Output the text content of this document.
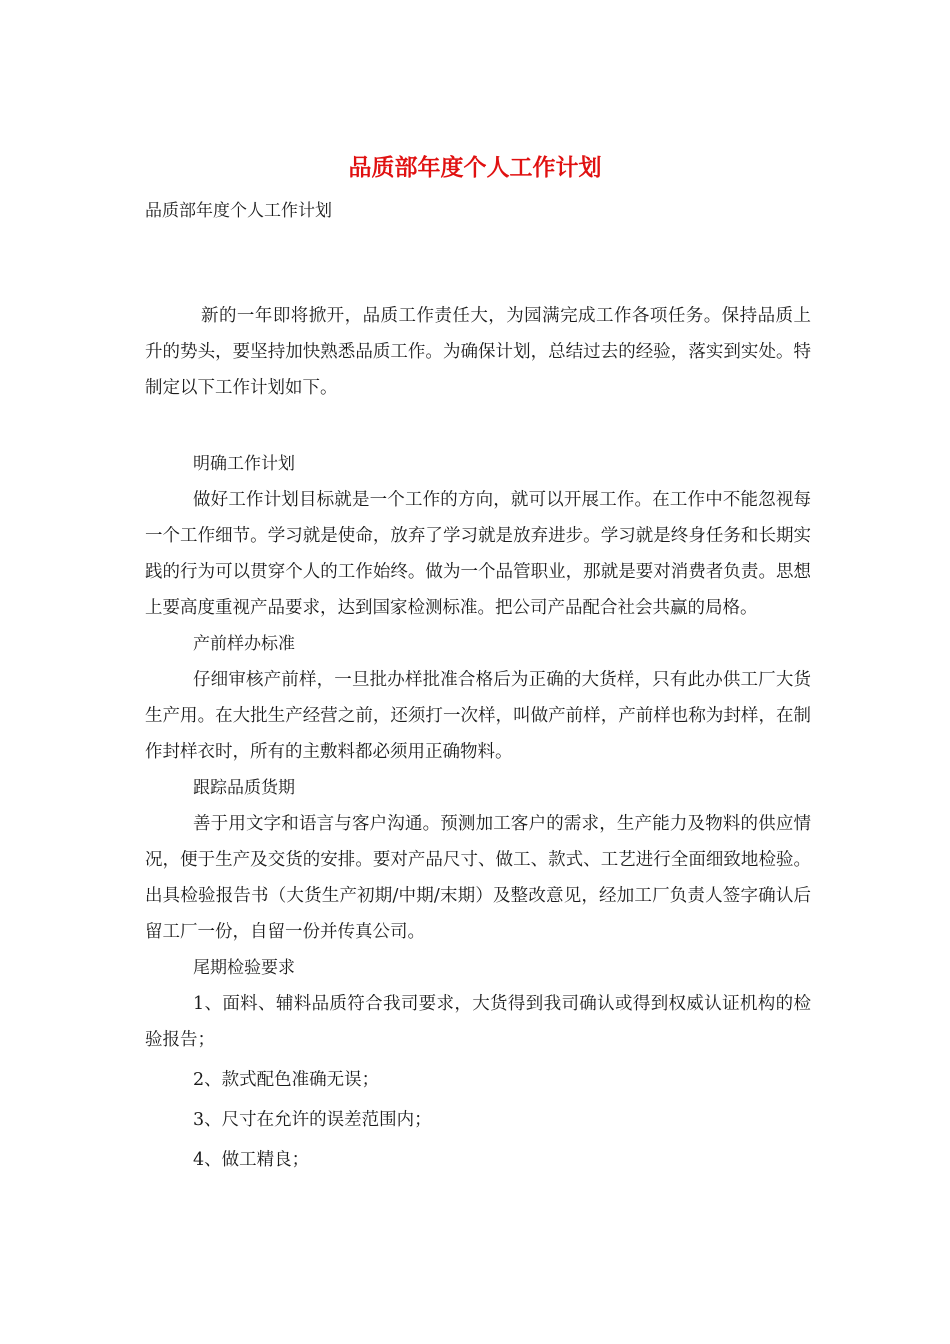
品质部年度个人工作计划
品质部年度个人工作计划

新的一年即将掀开，品质工作责任大，为园满完成工作各项任务。保持品质上升的势头，要坚持加快熟悉品质工作。为确保计划，总结过去的经验，落实到实处。特制定以下工作计划如下。

明确工作计划

做好工作计划目标就是一个工作的方向，就可以开展工作。在工作中不能忽视每一个工作细节。学习就是使命，放弃了学习就是放弃进步。学习就是终身任务和长期实践的行为可以贯穿个人的工作始终。做为一个品管职业，那就是要对消费者负责。思想上要高度重视产品要求，达到国家检测标准。把公司产品配合社会共赢的局格。

产前样办标准

仔细审核产前样，一旦批办样批准合格后为正确的大货样，只有此办供工厂大货生产用。在大批生产经营之前，还须打一次样，叫做产前样，产前样也称为封样，在制作封样衣时，所有的主敷料都必须用正确物料。

跟踪品质货期

善于用文字和语言与客户沟通。预测加工客户的需求，生产能力及物料的供应情况，便于生产及交货的安排。要对产品尺寸、做工、款式、工艺进行全面细致地检验。出具检验报告书（大货生产初期/中期/末期）及整改意见，经加工厂负责人签字确认后留工厂一份，自留一份并传真公司。

尾期检验要求

1、面料、辅料品质符合我司要求，大货得到我司确认或得到权威认证机构的检验报告；

2、款式配色准确无误；

3、尺寸在允许的误差范围内；

4、做工精良；
